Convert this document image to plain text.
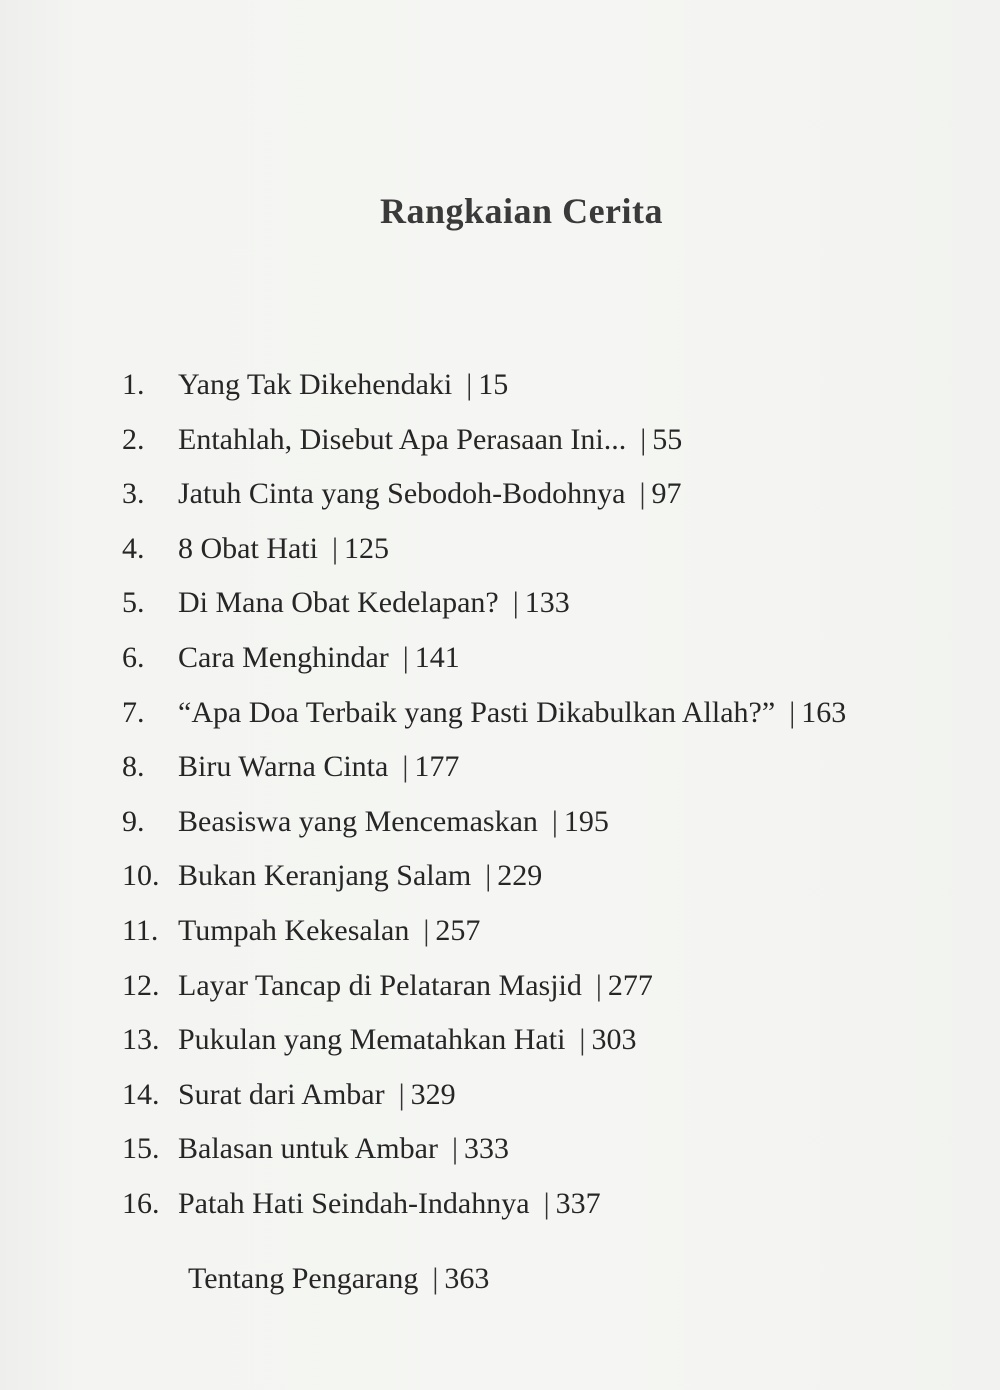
Rangkaian Cerita
1.	Yang Tak Dikehendaki | 15
2.	Entahlah, Disebut Apa Perasaan Ini... | 55
3.	Jatuh Cinta yang Sebodoh-Bodohnya | 97
4.	8 Obat Hati | 125
5.	Di Mana Obat Kedelapan? | 133
6.	Cara Menghindar | 141
7.	“Apa Doa Terbaik yang Pasti Dikabulkan Allah?” | 163
8.	Biru Warna Cinta | 177
9.	Beasiswa yang Mencemaskan | 195
10. Bukan Keranjang Salam | 229
11. Tumpah Kekesalan | 257
12. Layar Tancap di Pelataran Masjid | 277
13. Pukulan yang Mematahkan Hati | 303
14. Surat dari Ambar | 329
15. Balasan untuk Ambar | 333
16. Patah Hati Seindah-Indahnya | 337
Tentang Pengarang | 363
